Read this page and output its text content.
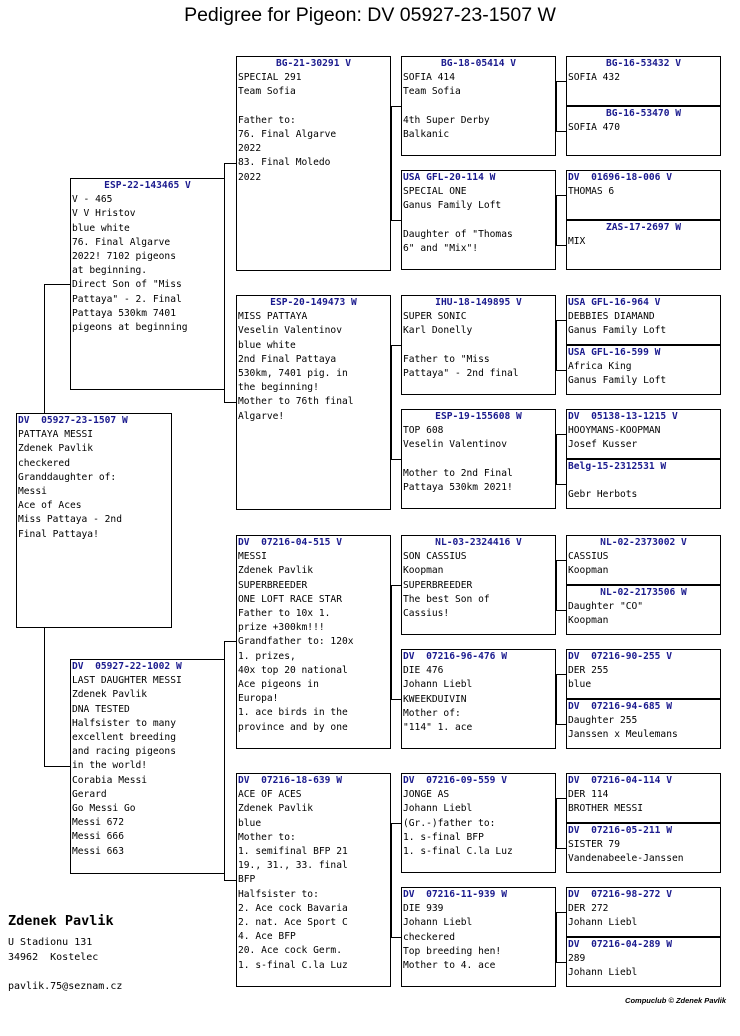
Pedigree for Pigeon: DV 05927-23-1507 W
DV  05927-23-1507 W
PATTAYA MESSI
Zdenek Pavlik
checkered
Granddaughter of:
Messi
Ace of Aces
Miss Pattaya - 2nd
Final Pattaya!
ESP-22-143465 V
V - 465
V V Hristov
blue white
76. Final Algarve
2022! 7102 pigeons
at beginning.
Direct Son of "Miss
Pattaya" - 2. Final
Pattaya 530km 7401
pigeons at beginning
DV  05927-22-1002 W
LAST DAUGHTER MESSI
Zdenek Pavlik
DNA TESTED
Halfsister to many
excellent breeding
and racing pigeons
in the world!
Corabia Messi
Gerard
Go Messi Go
Messi 672
Messi 666
Messi 663
BG-21-30291 V
SPECIAL 291
Team Sofia
Father to:
76. Final Algarve
2022
83. Final Moledo
2022
ESP-20-149473 W
MISS PATTAYA
Veselin Valentinov
blue white
2nd Final Pattaya
530km, 7401 pig. in
the beginning!
Mother to 76th final
Algarve!
DV  07216-04-515 V
MESSI
Zdenek Pavlik
SUPERBREEDER
ONE LOFT RACE STAR
Father to 10x 1.
prize +300km!!!
Grandfather to: 120x
1. prizes,
40x top 20 national
Ace pigeons in
Europa!
1. ace birds in the
province and by one
DV  07216-18-639 W
ACE OF ACES
Zdenek Pavlik
blue
Mother to:
1. semifinal BFP 21
19., 31., 33. final
BFP
Halfsister to:
2. Ace cock Bavaria
2. nat. Ace Sport C
4. Ace BFP
20. Ace cock Germ.
1. s-final C.la Luz
BG-18-05414 V
SOFIA 414
Team Sofia
4th Super Derby
Balkanic
USA GFL-20-114 W
SPECIAL ONE
Ganus Family Loft
Daughter of "Thomas
6" and "Mix"!
IHU-18-149895 V
SUPER SONIC
Karl Donelly
Father to "Miss
Pattaya" - 2nd final
ESP-19-155608 W
TOP 608
Veselin Valentinov
Mother to 2nd Final
Pattaya 530km 2021!
NL-03-2324416 V
SON CASSIUS
Koopman
SUPERBREEDER
The best Son of
Cassius!
DV  07216-96-476 W
DIE 476
Johann Liebl
KWEEKDUIVIN
Mother of:
"114" 1. ace
DV  07216-09-559 V
JONGE AS
Johann Liebl
(Gr.-)father to:
1. s-final BFP
1. s-final C.la Luz
DV  07216-11-939 W
DIE 939
Johann Liebl
checkered
Top breeding hen!
Mother to 4. ace
BG-16-53432 V
SOFIA 432
BG-16-53470 W
SOFIA 470
DV  01696-18-006 V
THOMAS 6
ZAS-17-2697 W
MIX
USA GFL-16-964 V
DEBBIES DIAMAND
Ganus Family Loft
USA GFL-16-599 W
Africa King
Ganus Family Loft
DV  05138-13-1215 V
HOOYMANS-KOOPMAN
Josef Kusser
Belg-15-2312531 W
Gebr Herbots
NL-02-2373002 V
CASSIUS
Koopman
NL-02-2173506 W
Daughter "CO"
Koopman
DV  07216-90-255 V
DER 255
blue
DV  07216-94-685 W
Daughter 255
Janssen x Meulemans
DV  07216-04-114 V
DER 114
BROTHER MESSI
DV  07216-05-211 W
SISTER 79
Vandenabeele-Janssen
DV  07216-98-272 V
DER 272
Johann Liebl
DV  07216-04-289 W
289
Johann Liebl
Zdenek Pavlik
U Stadionu 131
34962  Kostelec
pavlik.75@seznam.cz
Compuclub © Zdenek Pavlik
